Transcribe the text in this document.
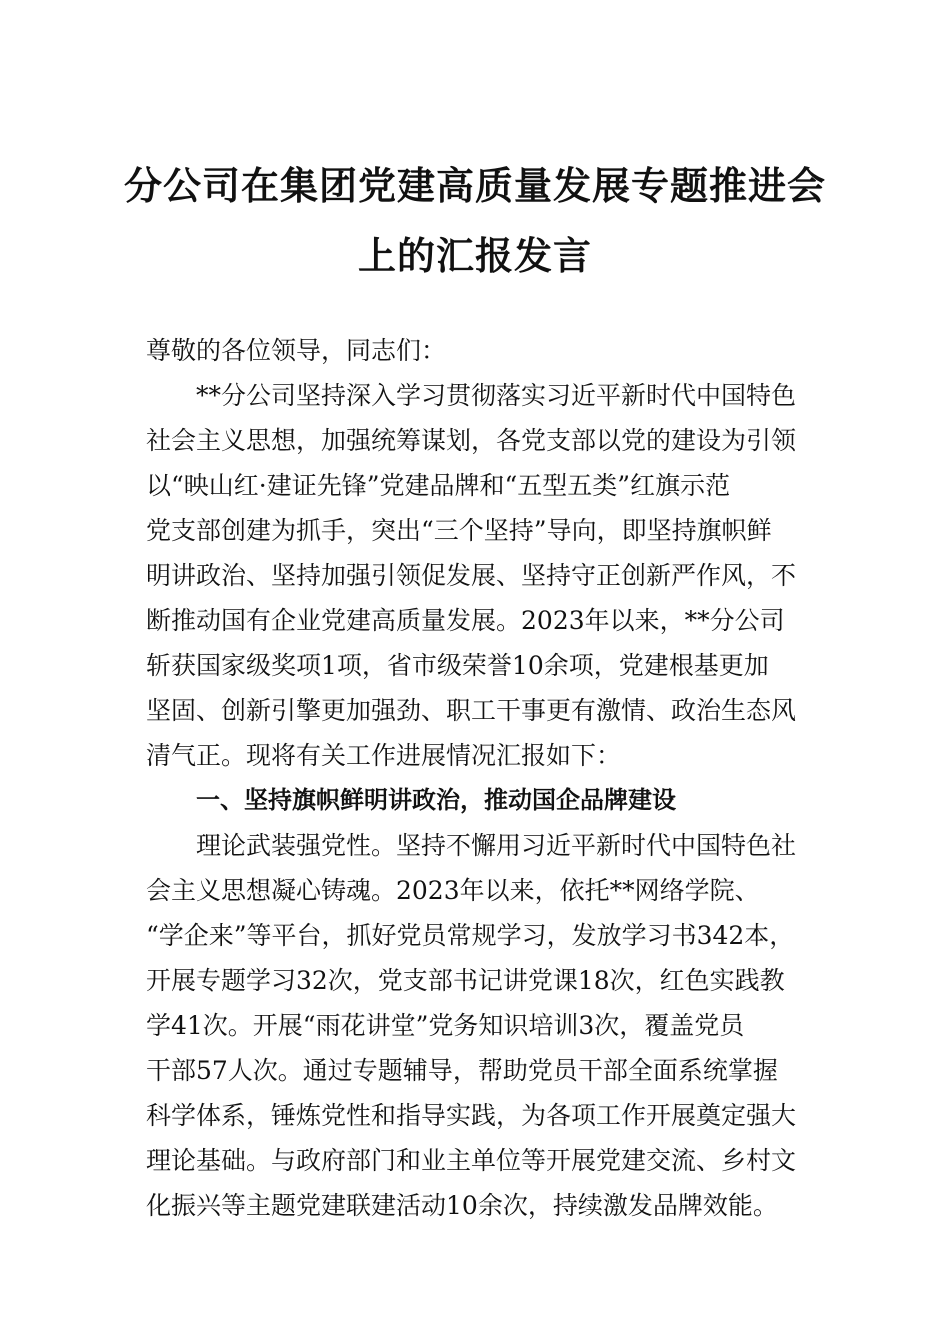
分公司在集团党建高质量发展专题推进会
上的汇报发言
尊敬的各位领导，同志们：
**分公司坚持深入学习贯彻落实习近平新时代中国特色
社会主义思想，加强统筹谋划，各党支部以党的建设为引领
以“映山红·建证先锋”党建品牌和“五型五类”红旗示范
党支部创建为抓手，突出“三个坚持”导向，即坚持旗帜鲜
明讲政治、坚持加强引领促发展、坚持守正创新严作风，不
断推动国有企业党建高质量发展。2023年以来，**分公司
斩获国家级奖项1项，省市级荣誉10余项，党建根基更加
坚固、创新引擎更加强劲、职工干事更有激情、政治生态风
清气正。现将有关工作进展情况汇报如下：
一、坚持旗帜鲜明讲政治，推动国企品牌建设
理论武装强党性。坚持不懈用习近平新时代中国特色社
会主义思想凝心铸魂。2023年以来，依托**网络学院、
“学企来”等平台，抓好党员常规学习，发放学习书342本，
开展专题学习32次，党支部书记讲党课18次，红色实践教
学41次。开展“雨花讲堂”党务知识培训3次，覆盖党员
干部57人次。通过专题辅导，帮助党员干部全面系统掌握
科学体系，锤炼党性和指导实践，为各项工作开展奠定强大
理论基础。与政府部门和业主单位等开展党建交流、乡村文
化振兴等主题党建联建活动10余次，持续激发品牌效能。
